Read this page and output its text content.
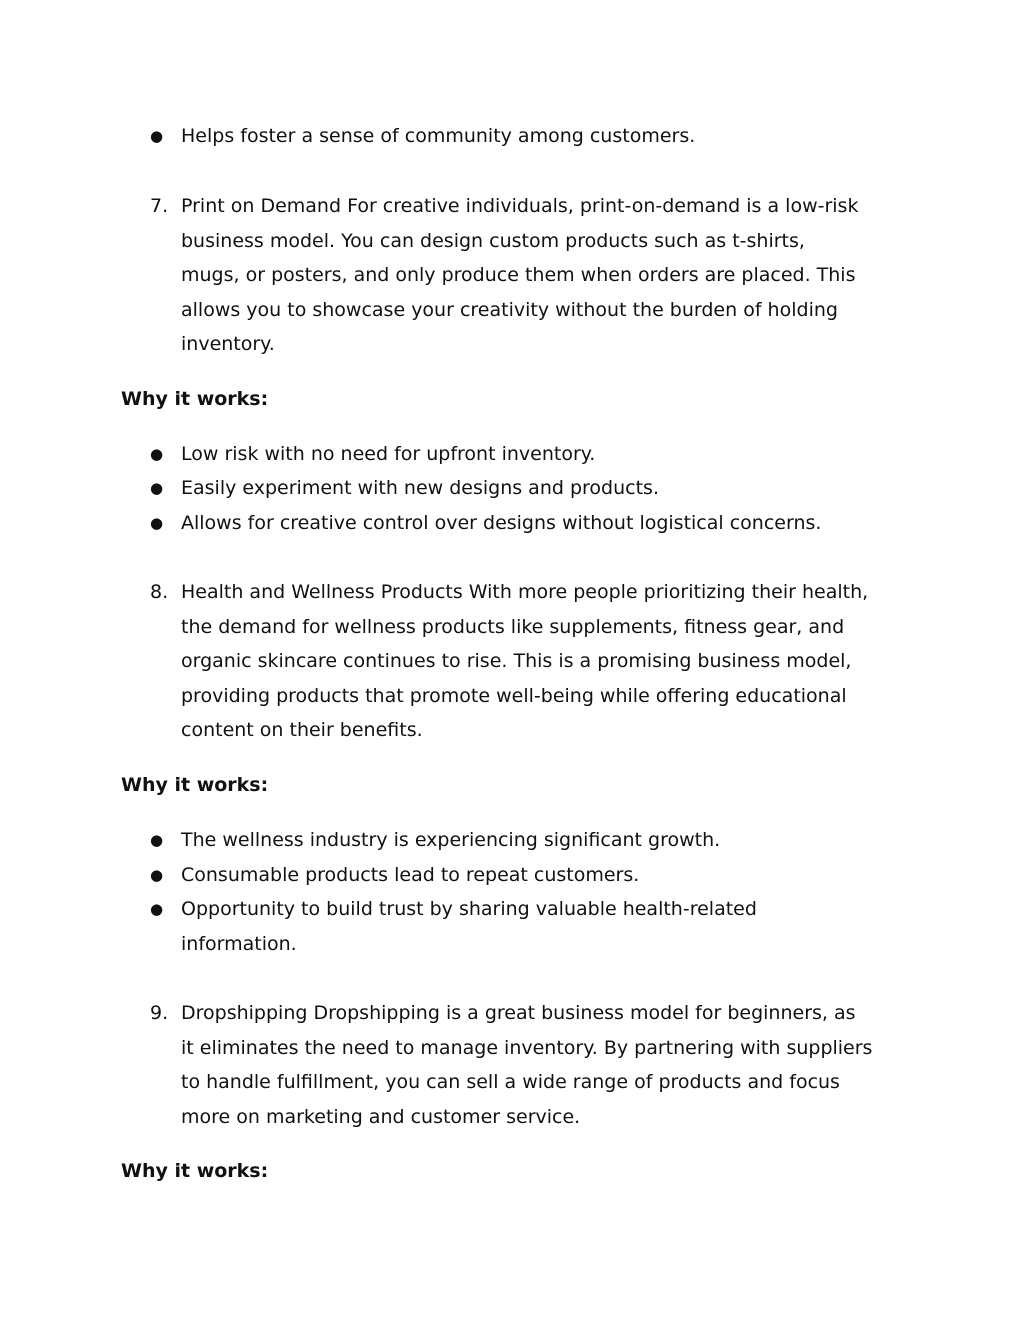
● Helps foster a sense of community among customers.
7. Print on Demand For creative individuals, print-on-demand is a low-risk
business model. You can design custom products such as t-shirts,
mugs, or posters, and only produce them when orders are placed. This
allows you to showcase your creativity without the burden of holding
inventory.
Why it works:
● Low risk with no need for upfront inventory.
● Easily experiment with new designs and products.
● Allows for creative control over designs without logistical concerns.
8. Health and Wellness Products With more people prioritizing their health,
the demand for wellness products like supplements, fitness gear, and
organic skincare continues to rise. This is a promising business model,
providing products that promote well-being while offering educational
content on their benefits.
Why it works:
● The wellness industry is experiencing significant growth.
● Consumable products lead to repeat customers.
● Opportunity to build trust by sharing valuable health-related
information.
9. Dropshipping Dropshipping is a great business model for beginners, as
it eliminates the need to manage inventory. By partnering with suppliers
to handle fulfillment, you can sell a wide range of products and focus
more on marketing and customer service.
Why it works:
